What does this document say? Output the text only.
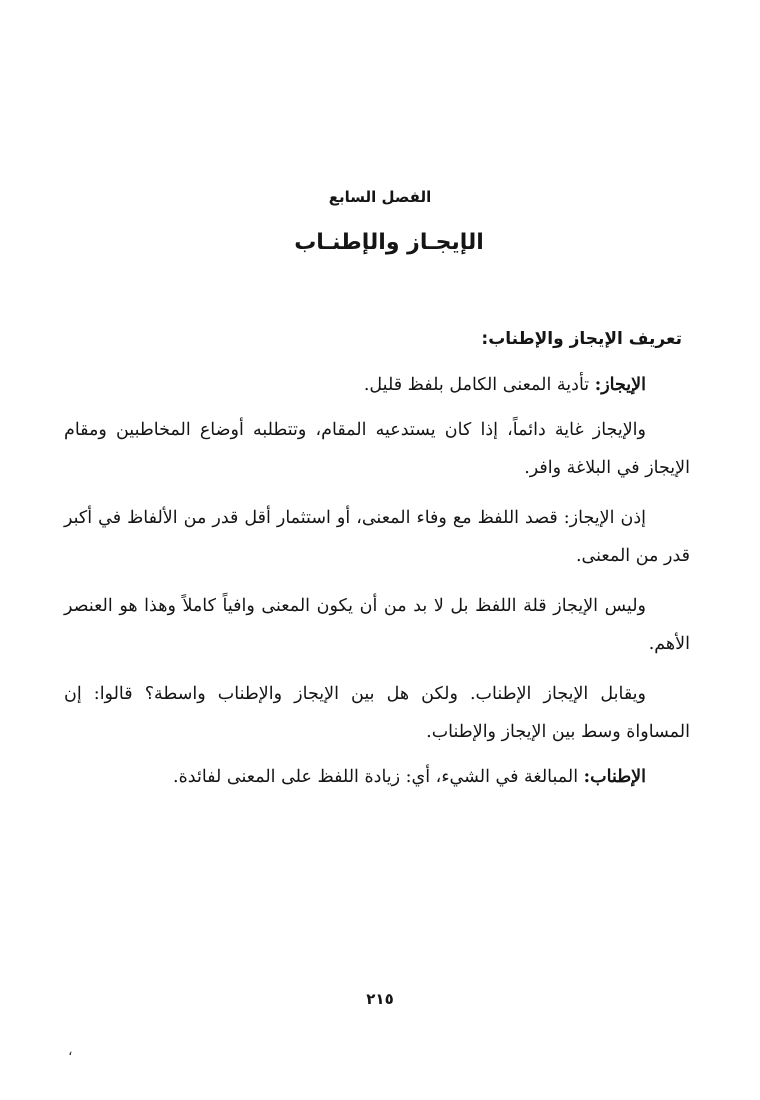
الفصل السابع
الإيجـاز والإطنـاب
تعريف الإيجاز والإطناب:

الإيجاز: تأدية المعنى الكامل بلفظ قليل.

والإيجاز غاية دائماً، إذا كان يستدعيه المقام، وتتطلبه أوضاع المخاطبين ومقام الإيجاز في البلاغة وافر.

إذن الإيجاز: قصد اللفظ مع وفاء المعنى، أو استثمار أقل قدر من الألفاظ في أكبر قدر من المعنى.

وليس الإيجاز قلة اللفظ بل لا بد من أن يكون المعنى وافياً كاملاً وهذا هو العنصر الأهم.

ويقابل الإيجاز الإطناب. ولكن هل بين الإيجاز والإطناب واسطة؟ قالوا: إن المساواة وسط بين الإيجاز والإطناب.

الإطناب: المبالغة في الشيء، أي: زيادة اللفظ على المعنى لفائدة.

٢١٥
،
